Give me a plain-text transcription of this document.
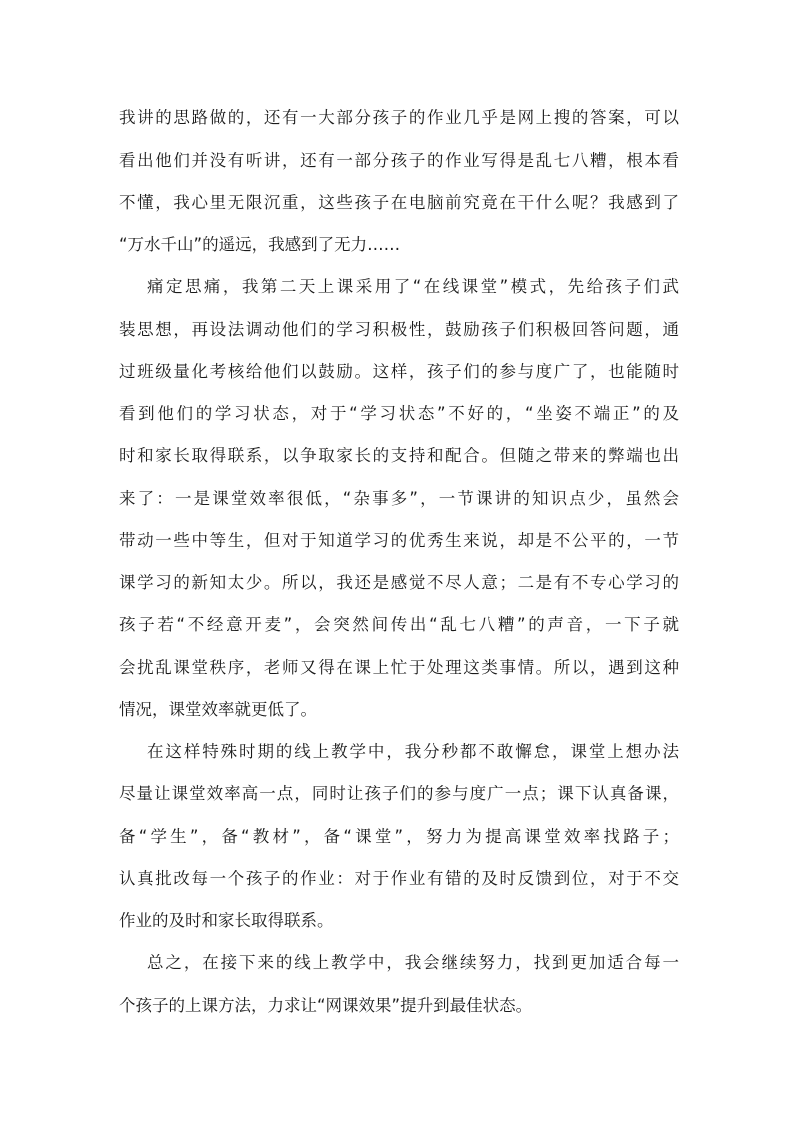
我讲的思路做的，还有一大部分孩子的作业几乎是网上搜的答案，可以
看出他们并没有听讲，还有一部分孩子的作业写得是乱七八糟，根本看
不懂，我心里无限沉重，这些孩子在电脑前究竟在干什么呢？我感到了
“万水千山”的遥远，我感到了无力……
痛定思痛，我第二天上课采用了“在线课堂”模式，先给孩子们武
装思想，再设法调动他们的学习积极性，鼓励孩子们积极回答问题，通
过班级量化考核给他们以鼓励。这样，孩子们的参与度广了，也能随时
看到他们的学习状态，对于“学习状态”不好的，“坐姿不端正”的及
时和家长取得联系，以争取家长的支持和配合。但随之带来的弊端也出
来了：一是课堂效率很低，“杂事多”，一节课讲的知识点少，虽然会
带动一些中等生，但对于知道学习的优秀生来说，却是不公平的，一节
课学习的新知太少。所以，我还是感觉不尽人意；二是有不专心学习的
孩子若“不经意开麦”，会突然间传出“乱七八糟”的声音，一下子就
会扰乱课堂秩序，老师又得在课上忙于处理这类事情。所以，遇到这种
情况，课堂效率就更低了。
在这样特殊时期的线上教学中，我分秒都不敢懈怠，课堂上想办法
尽量让课堂效率高一点，同时让孩子们的参与度广一点；课下认真备课，
备“学生”，备“教材”，备“课堂”，努力为提高课堂效率找路子；
认真批改每一个孩子的作业：对于作业有错的及时反馈到位，对于不交
作业的及时和家长取得联系。
总之，在接下来的线上教学中，我会继续努力，找到更加适合每一
个孩子的上课方法，力求让“网课效果”提升到最佳状态。
